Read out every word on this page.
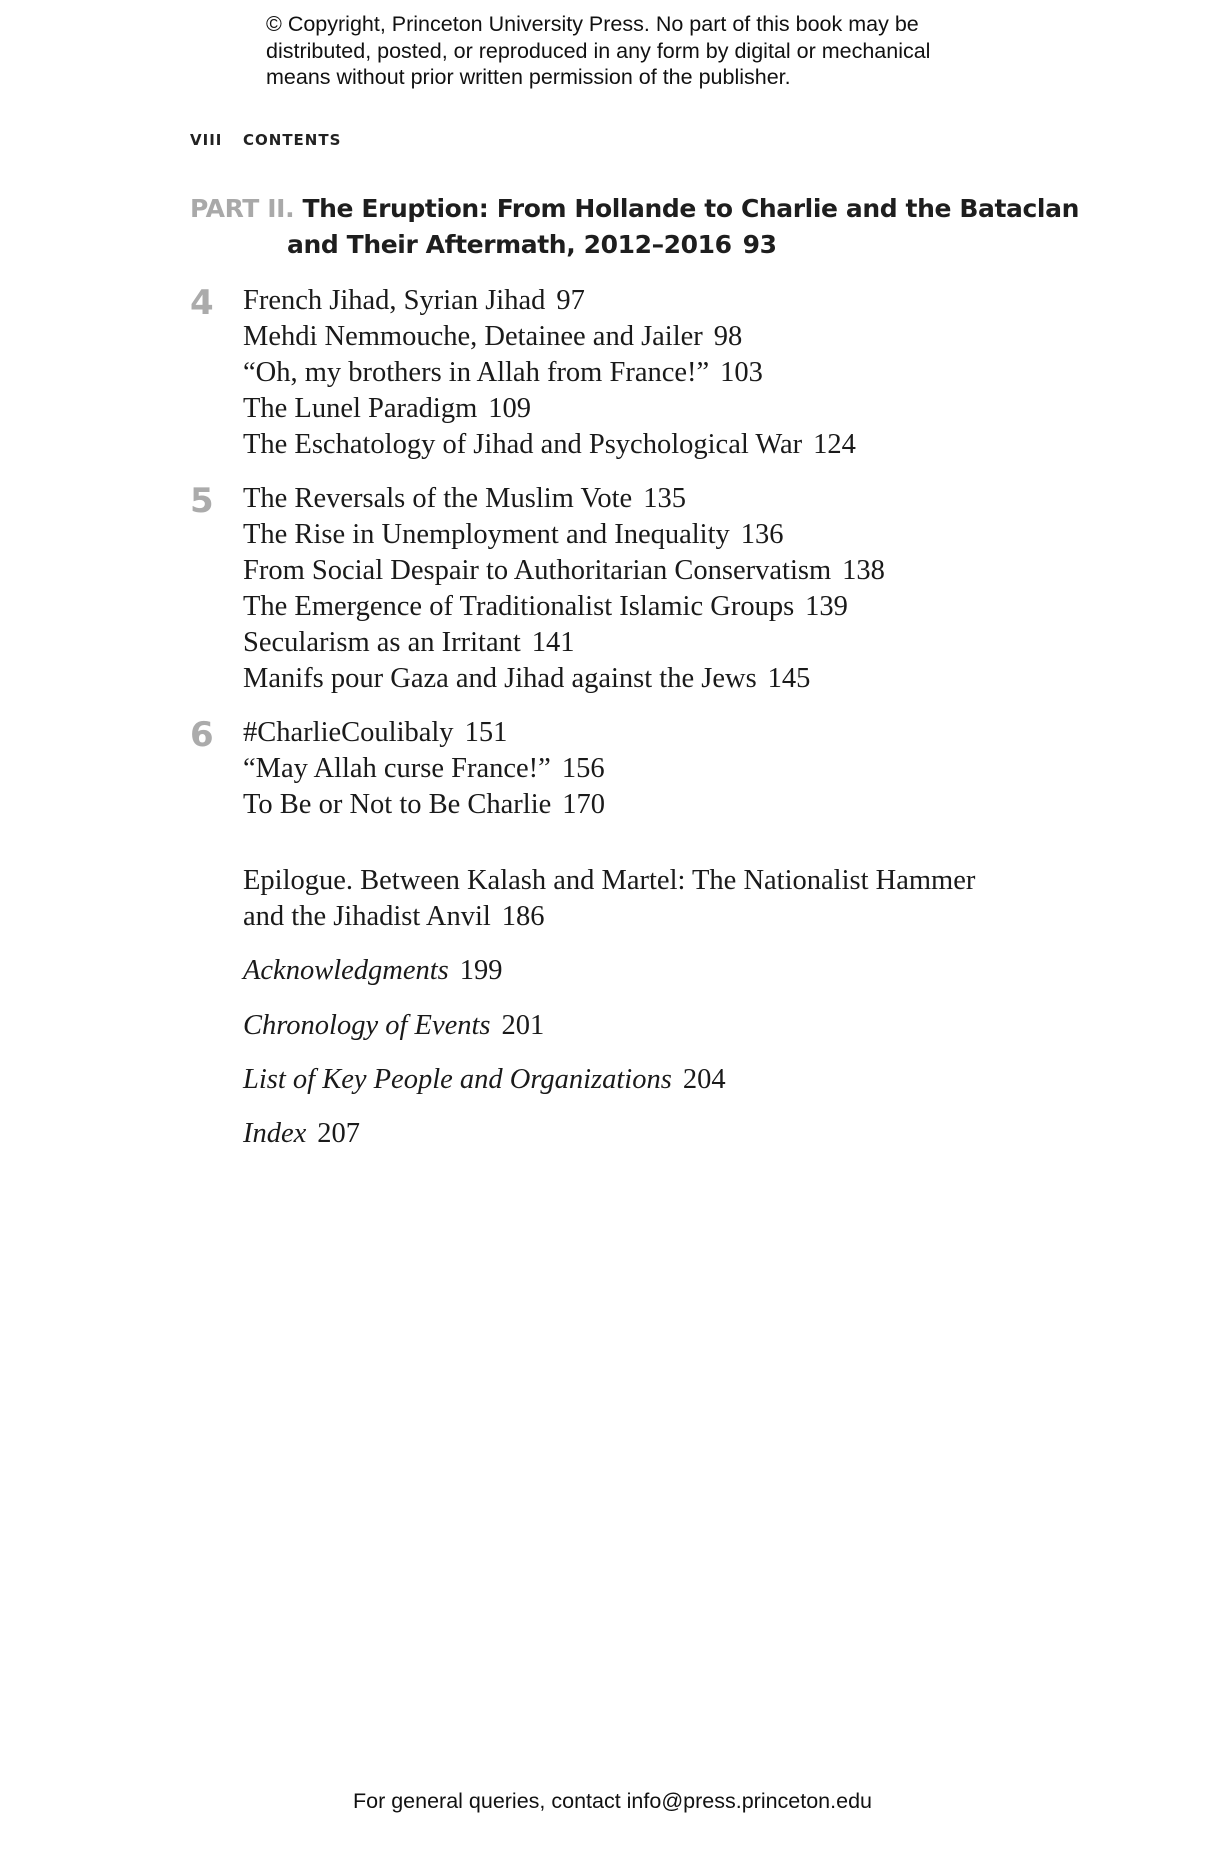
© Copyright, Princeton University Press. No part of this book may be
distributed, posted, or reproduced in any form by digital or mechanical
means without prior written permission of the publisher.
VIII CONTENTS
PART II. The Eruption: From Hollande to Charlie and the Bataclan
and Their Aftermath, 2012–2016 93
4 French Jihad, Syrian Jihad 97
Mehdi Nemmouche, Detainee and Jailer 98
“Oh, my brothers in Allah from France!” 103
The Lunel Paradigm 109
The Eschatology of Jihad and Psychological War 124
5 The Reversals of the Muslim Vote 135
The Rise in Unemployment and Inequality 136
From Social Despair to Authoritarian Conservatism 138
The Emergence of Traditionalist Islamic Groups 139
Secularism as an Irritant 141
Manifs pour Gaza and Jihad against the Jews 145
6 #CharlieCoulibaly 151
“May Allah curse France!” 156
To Be or Not to Be Charlie 170
Epilogue. Between Kalash and Martel: The Nationalist Hammer
and the Jihadist Anvil 186
Acknowledgments 199
Chronology of Events 201
List of Key People and Organizations 204
Index 207
For general queries, contact info@press.princeton.edu
